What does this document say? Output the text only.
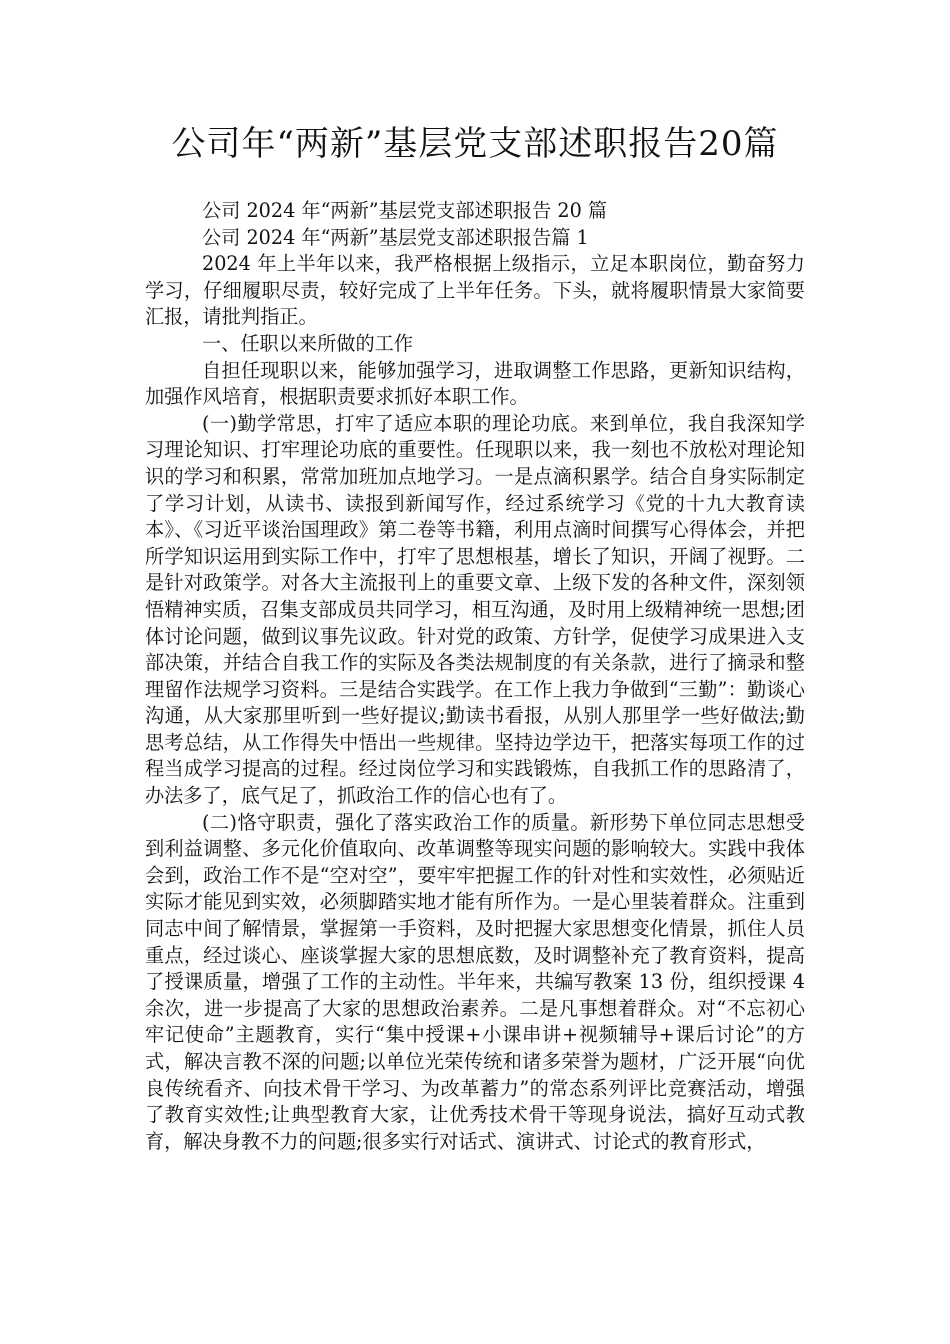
公司年“两新”基层党支部述职报告20篇

公司 2024 年“两新”基层党支部述职报告 20 篇

公司 2024 年“两新”基层党支部述职报告篇 1

2024 年上半年以来，我严格根据上级指示，立足本职岗位，勤奋努力学习，仔细履职尽责，较好完成了上半年任务。下头，就将履职情景大家简要汇报，请批判指正。

一、任职以来所做的工作

自担任现职以来，能够加强学习，进取调整工作思路，更新知识结构，加强作风培育，根据职责要求抓好本职工作。

(一)勤学常思，打牢了适应本职的理论功底。来到单位，我自我深知学习理论知识、打牢理论功底的重要性。任现职以来，我一刻也不放松对理论知识的学习和积累，常常加班加点地学习。一是点滴积累学。结合自身实际制定了学习计划，从读书、读报到新闻写作，经过系统学习《党的十九大教育读本》、《习近平谈治国理政》第二卷等书籍，利用点滴时间撰写心得体会，并把所学知识运用到实际工作中，打牢了思想根基，增长了知识，开阔了视野。二是针对政策学。对各大主流报刊上的重要文章、上级下发的各种文件，深刻领悟精神实质，召集支部成员共同学习，相互沟通，及时用上级精神统一思想;团体讨论问题，做到议事先议政。针对党的政策、方针学，促使学习成果进入支部决策，并结合自我工作的实际及各类法规制度的有关条款，进行了摘录和整理留作法规学习资料。三是结合实践学。在工作上我力争做到“三勤”：勤谈心沟通，从大家那里听到一些好提议;勤读书看报，从别人那里学一些好做法;勤思考总结，从工作得失中悟出一些规律。坚持边学边干，把落实每项工作的过程当成学习提高的过程。经过岗位学习和实践锻炼，自我抓工作的思路清了，办法多了，底气足了，抓政治工作的信心也有了。

(二)恪守职责，强化了落实政治工作的质量。新形势下单位同志思想受到利益调整、多元化价值取向、改革调整等现实问题的影响较大。实践中我体会到，政治工作不是“空对空”，要牢牢把握工作的针对性和实效性，必须贴近实际才能见到实效，必须脚踏实地才能有所作为。一是心里装着群众。注重到同志中间了解情景，掌握第一手资料，及时把握大家思想变化情景，抓住人员重点，经过谈心、座谈掌握大家的思想底数，及时调整补充了教育资料，提高了授课质量，增强了工作的主动性。半年来，共编写教案 13 份，组织授课 4 余次，进一步提高了大家的思想政治素养。二是凡事想着群众。对“不忘初心牢记使命”主题教育，实行“集中授课+小课串讲+视频辅导+课后讨论”的方式，解决言教不深的问题;以单位光荣传统和诸多荣誉为题材，广泛开展“向优良传统看齐、向技术骨干学习、为改革蓄力”的常态系列评比竞赛活动，增强了教育实效性;让典型教育大家，让优秀技术骨干等现身说法，搞好互动式教育，解决身教不力的问题;很多实行对话式、演讲式、讨论式的教育形式，
